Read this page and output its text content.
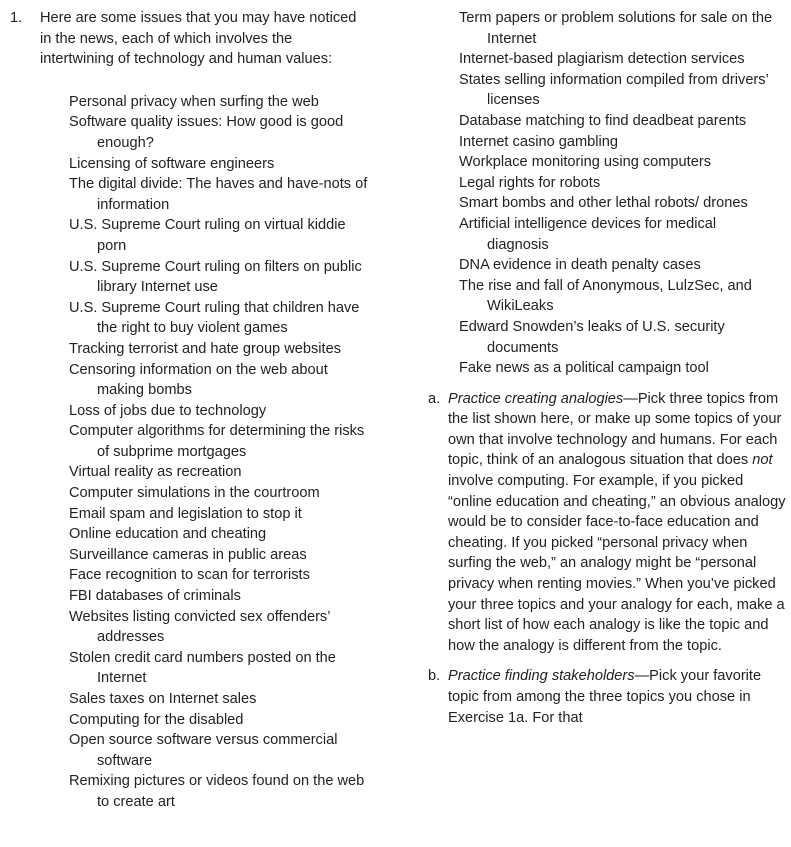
1. Here are some issues that you may have noticed in the news, each of which involves the intertwining of technology and human values:

Personal privacy when surfing the web
Software quality issues: How good is good enough?
Licensing of software engineers
The digital divide: The haves and have-nots of information
U.S. Supreme Court ruling on virtual kiddie porn
U.S. Supreme Court ruling on filters on public library Internet use
U.S. Supreme Court ruling that children have the right to buy violent games
Tracking terrorist and hate group websites
Censoring information on the web about making bombs
Loss of jobs due to technology
Computer algorithms for determining the risks of subprime mortgages
Virtual reality as recreation
Computer simulations in the courtroom
Email spam and legislation to stop it
Online education and cheating
Surveillance cameras in public areas
Face recognition to scan for terrorists
FBI databases of criminals
Websites listing convicted sex offenders’ addresses
Stolen credit card numbers posted on the Internet
Sales taxes on Internet sales
Computing for the disabled
Open source software versus commercial software
Remixing pictures or videos found on the web to create art
Term papers or problem solutions for sale on the Internet
Internet-based plagiarism detection services
States selling information compiled from drivers’ licenses
Database matching to find deadbeat parents
Internet casino gambling
Workplace monitoring using computers
Legal rights for robots
Smart bombs and other lethal robots/ drones
Artificial intelligence devices for medical diagnosis
DNA evidence in death penalty cases
The rise and fall of Anonymous, LulzSec, and WikiLeaks
Edward Snowden’s leaks of U.S. security documents
Fake news as a political campaign tool
a. Practice creating analogies—Pick three topics from the list shown here, or make up some topics of your own that involve technology and humans. For each topic, think of an analogous situation that does not involve computing. For example, if you picked “online education and cheating,” an obvious analogy would be to consider face-to-face education and cheating. If you picked “personal privacy when surfing the web,” an analogy might be “personal privacy when renting movies.” When you’ve picked your three topics and your analogy for each, make a short list of how each analogy is like the topic and how the analogy is different from the topic.

b. Practice finding stakeholders—Pick your favorite topic from among the three topics you chose in Exercise 1a. For that
